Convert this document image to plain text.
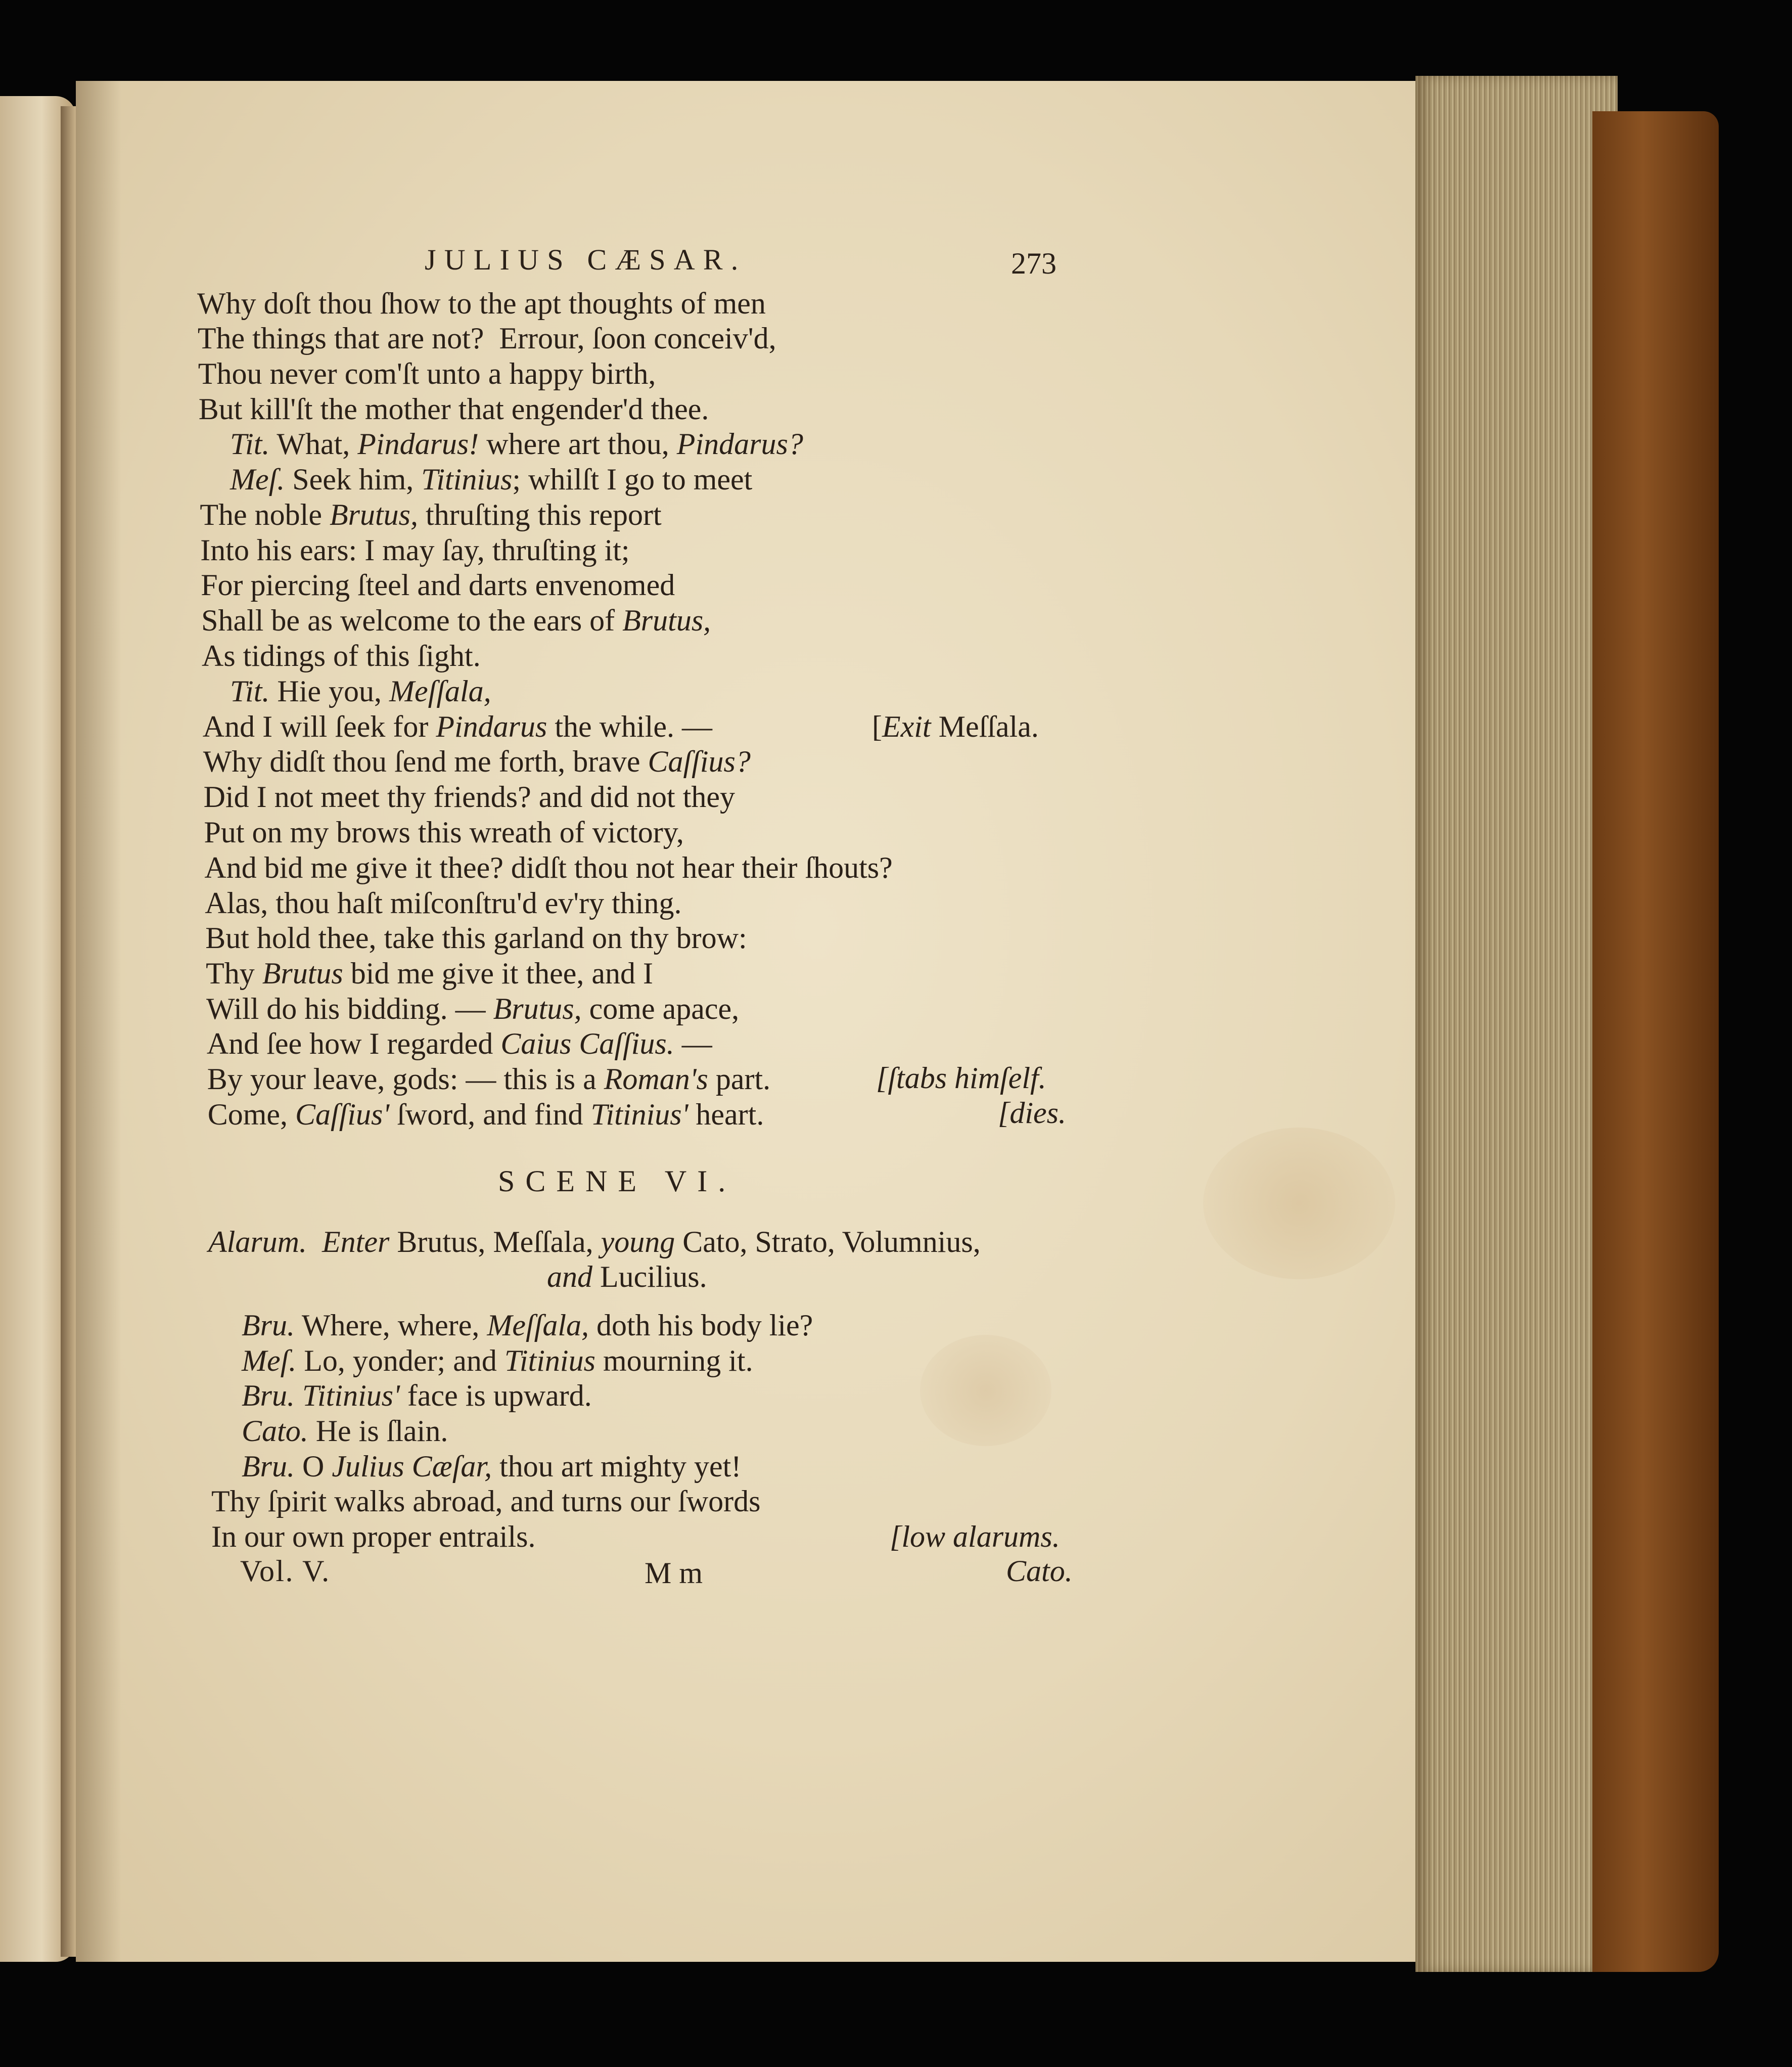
JULIUS CÆSAR.	273

Why doſt thou ſhow to the apt thoughts of men

The things that are not?  Errour, ſoon conceiv'd,

Thou never com'ſt unto a happy birth,

But kill'ſt the mother that engender'd thee.

Tit. What, Pindarus! where art thou, Pindarus?

Meſ. Seek him, Titinius; whilſt I go to meet

The noble Brutus, thruſting this report

Into his ears: I may ſay, thruſting it;

For piercing ſteel and darts envenomed

Shall be as welcome to the ears of Brutus,

As tidings of this ſight.

Tit. Hie you, Meſſala,

And I will ſeek for Pindarus the while. —

Why didſt thou ſend me forth, brave Caſſius?

Did I not meet thy friends? and did not they

Put on my brows this wreath of victory,

And bid me give it thee? didſt thou not hear their ſhouts?

Alas, thou haſt miſconſtru'd ev'ry thing.

But hold thee, take this garland on thy brow:

Thy Brutus bid me give it thee, and I

Will do his bidding. — Brutus, come apace,

And ſee how I regarded Caius Caſſius. —

By your leave, gods: — this is a Roman's part.

Come, Caſſius' ſword, and find Titinius' heart.

[Exit Meſſala.

[ſtabs himſelf.

[dies.

SCENE VI.

Alarum. Enter Brutus, Meſſala, young Cato, Strato, Volumnius,

and Lucilius.

Bru. Where, where, Meſſala, doth his body lie?

Meſ. Lo, yonder; and Titinius mourning it.

Bru. Titinius' face is upward.

Cato. He is ſlain.

Bru. O Julius Cæſar, thou art mighty yet!

Thy ſpirit walks abroad, and turns our ſwords

In our own proper entrails.	[low alarums.

Vol. V.	M m	Cato.
